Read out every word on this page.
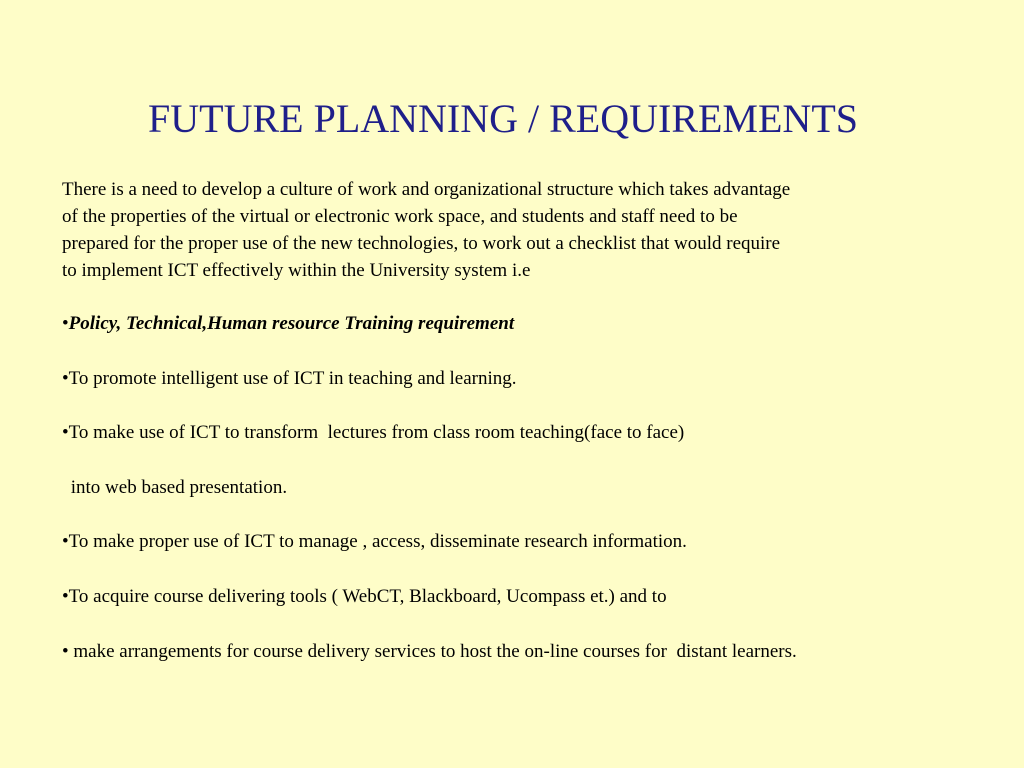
FUTURE PLANNING / REQUIREMENTS

There is a need to develop a culture of work and organizational structure which takes advantage
of the properties of the virtual or electronic work space, and students and staff need to be
prepared for the proper use of the new technologies, to work out a checklist that would require
to implement ICT effectively within the University system i.e

•Policy, Technical,Human resource Training requirement

•To promote intelligent use of ICT in teaching and learning.

•To make use of ICT to transform  lectures from class room teaching(face to face)

into web based presentation.

•To make proper use of ICT to manage , access, disseminate research information.

•To acquire course delivering tools ( WebCT, Blackboard, Ucompass et.) and to

• make arrangements for course delivery services to host the on-line courses for  distant learners.
